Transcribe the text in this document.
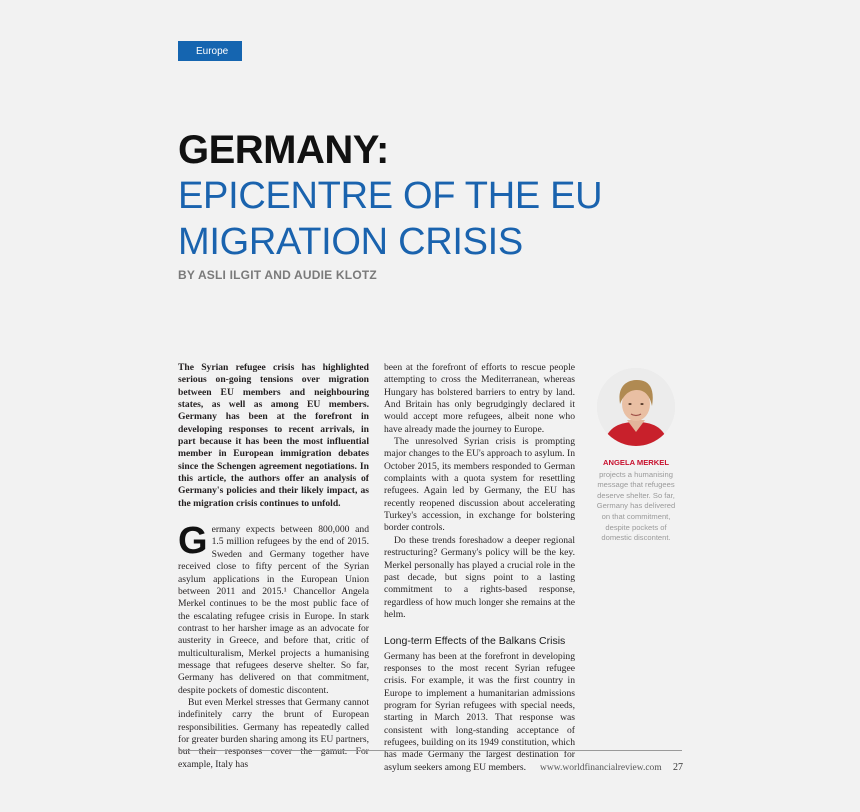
Europe
GERMANY:
EPICENTRE OF THE EU
MIGRATION CRISIS
BY ASLI ILGIT AND AUDIE KLOTZ

The Syrian refugee crisis has highlighted serious on-going tensions over migration between EU members and neighbouring states, as well as among EU members. Germany has been at the forefront in developing responses to recent arrivals, in part because it has been the most influential member in European immigration debates since the Schengen agreement negotiations. In this article, the authors offer an analysis of Germany's policies and their likely impact, as the migration crisis continues to unfold.

Germany expects between 800,000 and 1.5 million refugees by the end of 2015. Sweden and Germany together have received close to fifty percent of the Syrian asylum applications in the European Union between 2011 and 2015.¹ Chancellor Angela Merkel continues to be the most public face of the escalating refugee crisis in Europe. In stark contrast to her harsher image as an advocate for austerity in Greece, and before that, critic of multiculturalism, Merkel projects a humanising message that refugees deserve shelter. So far, Germany has delivered on that commitment, despite pockets of domestic discontent.

But even Merkel stresses that Germany cannot indefinitely carry the brunt of European responsibilities. Germany has repeatedly called for greater burden sharing among its EU partners, but their responses cover the gamut. For example, Italy has

been at the forefront of efforts to rescue people attempting to cross the Mediterranean, whereas Hungary has bolstered barriers to entry by land. And Britain has only begrudgingly declared it would accept more refugees, albeit none who have already made the journey to Europe.

The unresolved Syrian crisis is prompting major changes to the EU's approach to asylum. In October 2015, its members responded to German complaints with a quota system for resettling refugees. Again led by Germany, the EU has recently reopened discussion about accelerating Turkey's accession, in exchange for bolstering border controls.

Do these trends foreshadow a deeper regional restructuring? Germany's policy will be the key. Merkel personally has played a crucial role in the past decade, but signs point to a lasting commitment to a rights-based response, regardless of how much longer she remains at the helm.

Long-term Effects of the Balkans Crisis

Germany has been at the forefront in developing responses to the most recent Syrian refugee crisis. For example, it was the first country in Europe to implement a humanitarian admissions program for Syrian refugees with special needs, starting in March 2013. That response was consistent with long-standing acceptance of refugees, building on its 1949 constitution, which has made Germany the largest destination for asylum seekers among EU members.

ANGELA MERKEL
projects a humanising message that refugees deserve shelter. So far, Germany has delivered on that commitment, despite pockets of domestic discontent.
www.worldfinancialreview.com 27
